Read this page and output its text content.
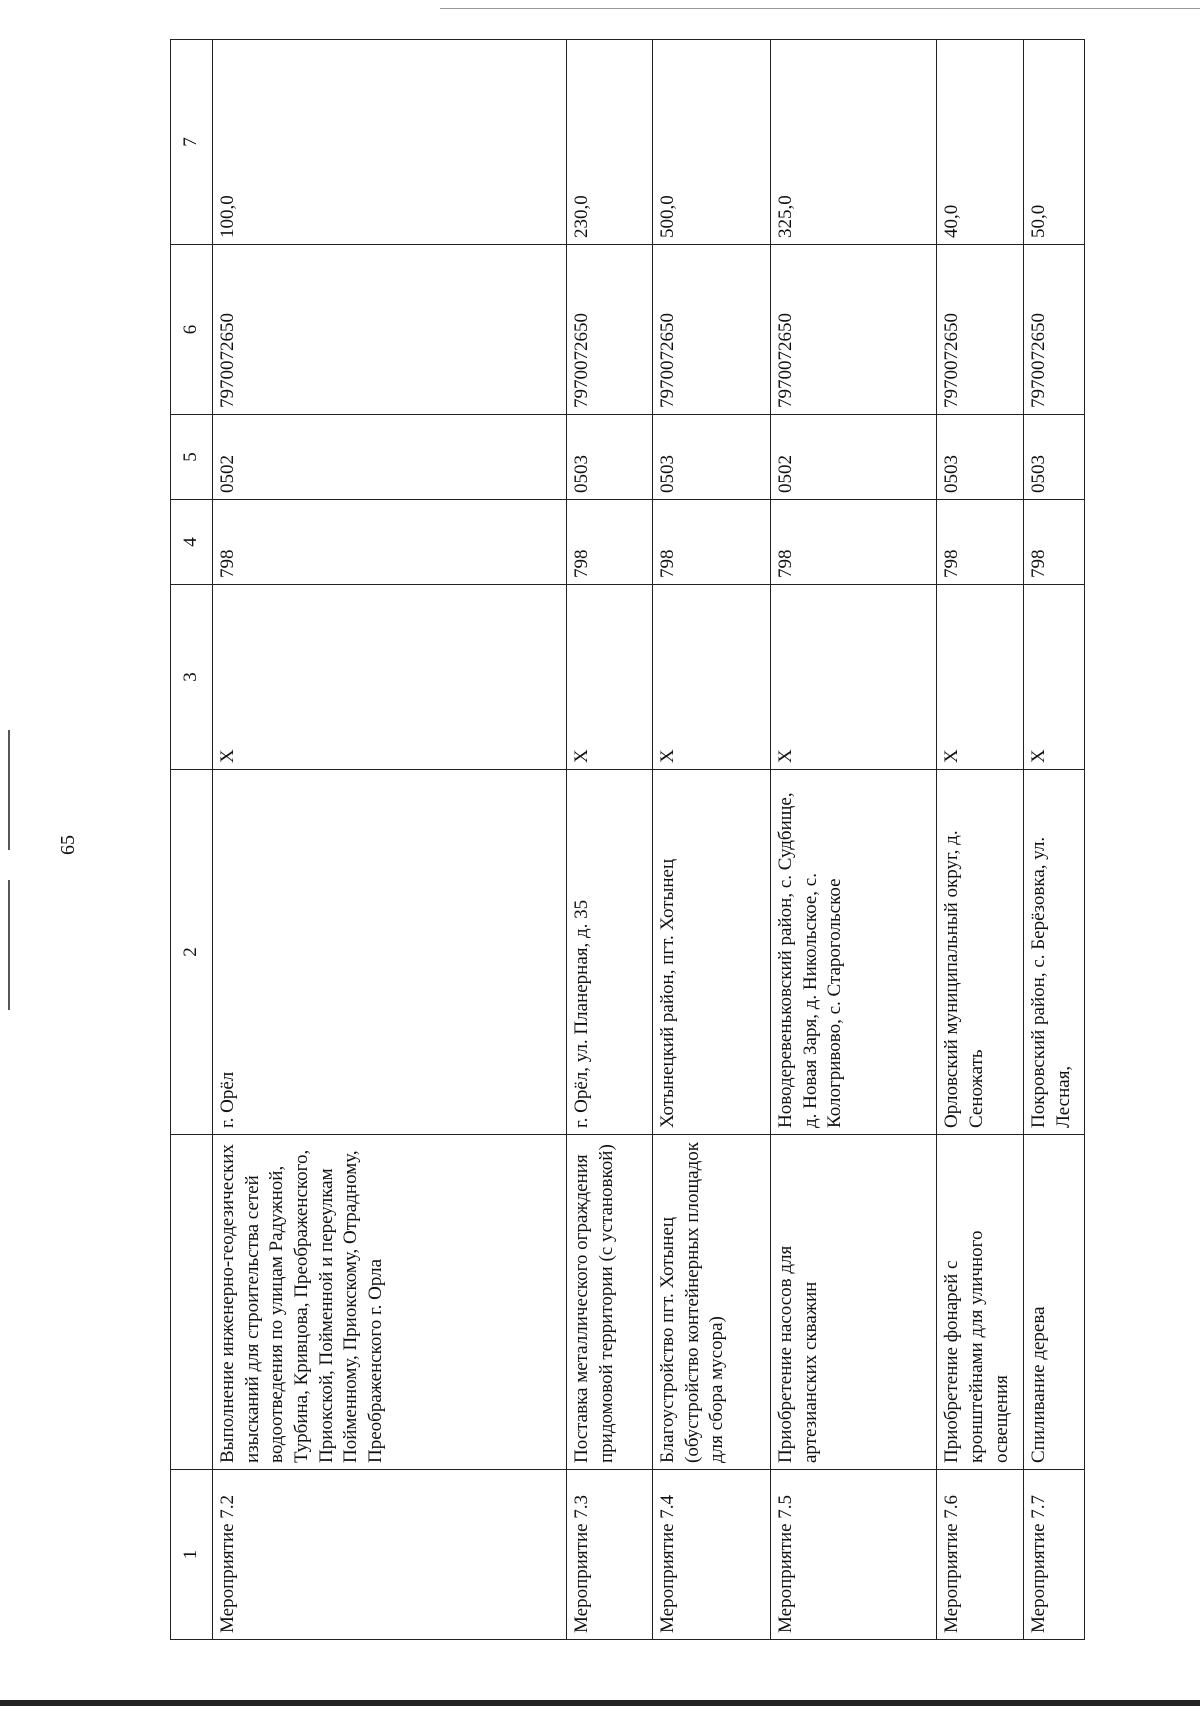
65
1		2	3	4	5	6	7
Мероприятие 7.2	Выполнение инженерно-геодезических изысканий для строительства сетей водоотведения по улицам Радужной, Турбина, Кривцова, Преображенского, Приокской, Пойменной и переулкам Пойменному, Приокскому, Отрадному, Преображенского г. Орла	г. Орёл	Х	798	0502	7970072650	100,0
Мероприятие 7.3	Поставка металлического ограждения придомовой территории (с установкой)	г. Орёл, ул. Планерная, д. 35	Х	798	0503	7970072650	230,0
Мероприятие 7.4	Благоустройство пгт. Хотынец (обустройство контейнерных площадок для сбора мусора)	Хотынецкий район, пгт. Хотынец	Х	798	0503	7970072650	500,0
Мероприятие 7.5	Приобретение насосов для артезианских скважин	Новодеревеньковский район, с. Судбище, д. Новая Заря, д. Никольское, с. Кологривово, с. Старогольское	Х	798	0502	7970072650	325,0
Мероприятие 7.6	Приобретение фонарей с кронштейнами для уличного освещения	Орловский муниципальный округ, д. Сеножать	Х	798	0503	7970072650	40,0
Мероприятие 7.7	Спиливание дерева	Покровский район, с. Берёзовка, ул. Лесная,	Х	798	0503	7970072650	50,0
